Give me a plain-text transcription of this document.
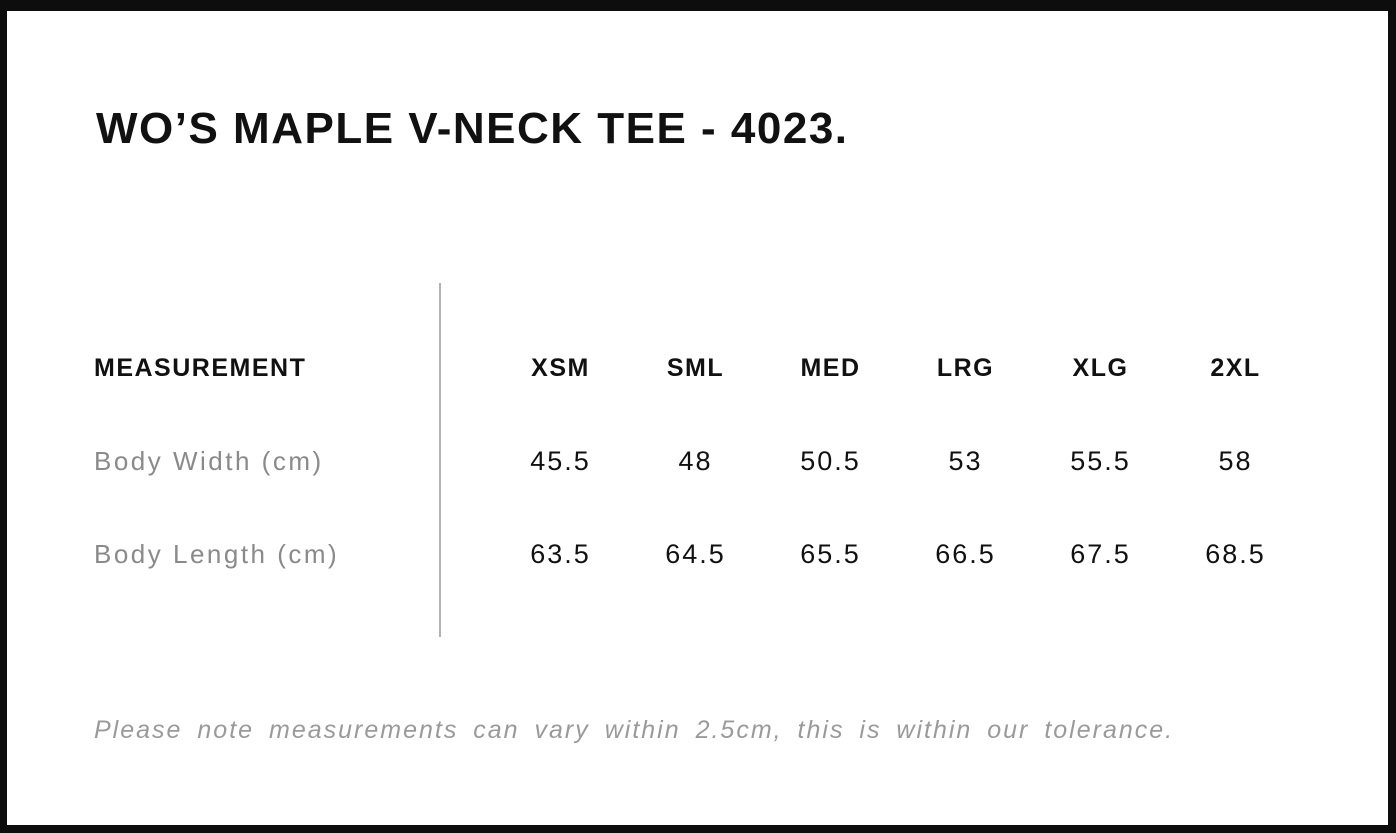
WO’S MAPLE V-NECK TEE - 4023.
MEASUREMENT	XSM	SML	MED	LRG	XLG	2XL
Body Width (cm)	45.5	48	50.5	53	55.5	58
Body Length (cm)	63.5	64.5	65.5	66.5	67.5	68.5

Please note measurements can vary within 2.5cm, this is within our tolerance.
